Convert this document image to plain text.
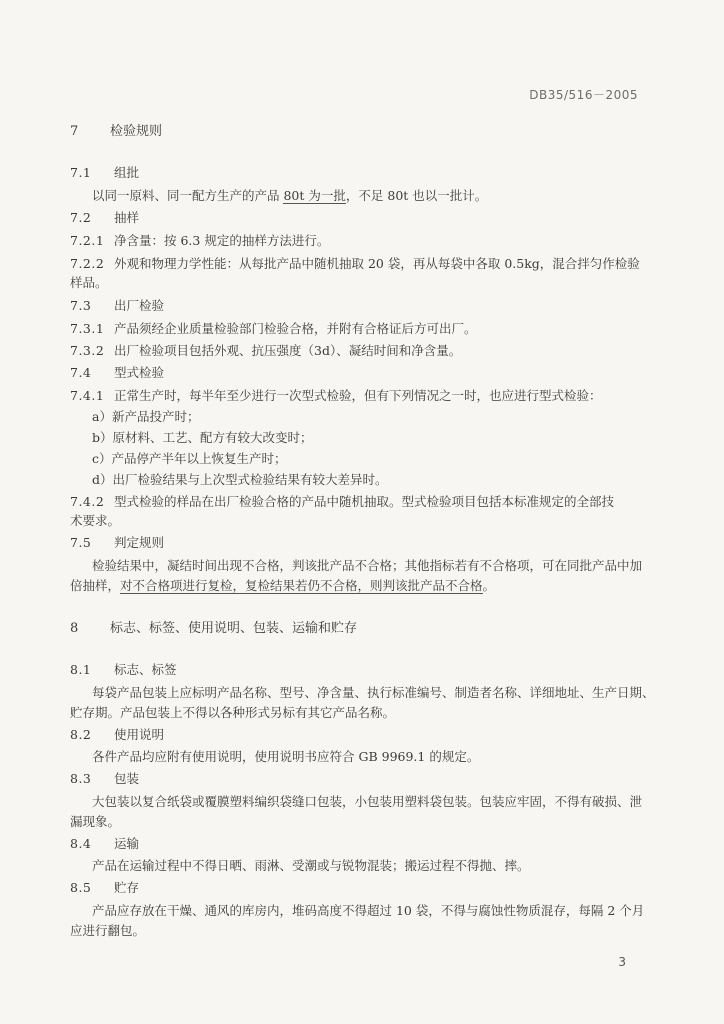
DB35/516－2005
7 检验规则
7.1 组批
以同一原料、同一配方生产的产品 80t 为一批，不足 80t 也以一批计。
7.2 抽样
7.2.1 净含量：按 6.3 规定的抽样方法进行。
7.2.2 外观和物理力学性能：从每批产品中随机抽取 20 袋，再从每袋中各取 0.5kg，混合拌匀作检验
样品。
7.3 出厂检验
7.3.1 产品须经企业质量检验部门检验合格，并附有合格证后方可出厂。
7.3.2 出厂检验项目包括外观、抗压强度（3d）、凝结时间和净含量。
7.4 型式检验
7.4.1 正常生产时，每半年至少进行一次型式检验，但有下列情况之一时，也应进行型式检验：
a）新产品投产时；
b）原材料、工艺、配方有较大改变时；
c）产品停产半年以上恢复生产时；
d）出厂检验结果与上次型式检验结果有较大差异时。
7.4.2 型式检验的样品在出厂检验合格的产品中随机抽取。型式检验项目包括本标准规定的全部技
术要求。
7.5 判定规则
检验结果中，凝结时间出现不合格，判该批产品不合格；其他指标若有不合格项，可在同批产品中加
倍抽样，对不合格项进行复检，复检结果若仍不合格，则判该批产品不合格。
8 标志、标签、使用说明、包装、运输和贮存
8.1 标志、标签
每袋产品包装上应标明产品名称、型号、净含量、执行标准编号、制造者名称、详细地址、生产日期、
贮存期。产品包装上不得以各种形式另标有其它产品名称。
8.2 使用说明
各件产品均应附有使用说明，使用说明书应符合 GB 9969.1 的规定。
8.3 包装
大包装以复合纸袋或覆膜塑料编织袋缝口包装，小包装用塑料袋包装。包装应牢固，不得有破损、泄
漏现象。
8.4 运输
产品在运输过程中不得日晒、雨淋、受潮或与锐物混装；搬运过程不得抛、摔。
8.5 贮存
产品应存放在干燥、通风的库房内，堆码高度不得超过 10 袋，不得与腐蚀性物质混存，每隔 2 个月
应进行翻包。
3
